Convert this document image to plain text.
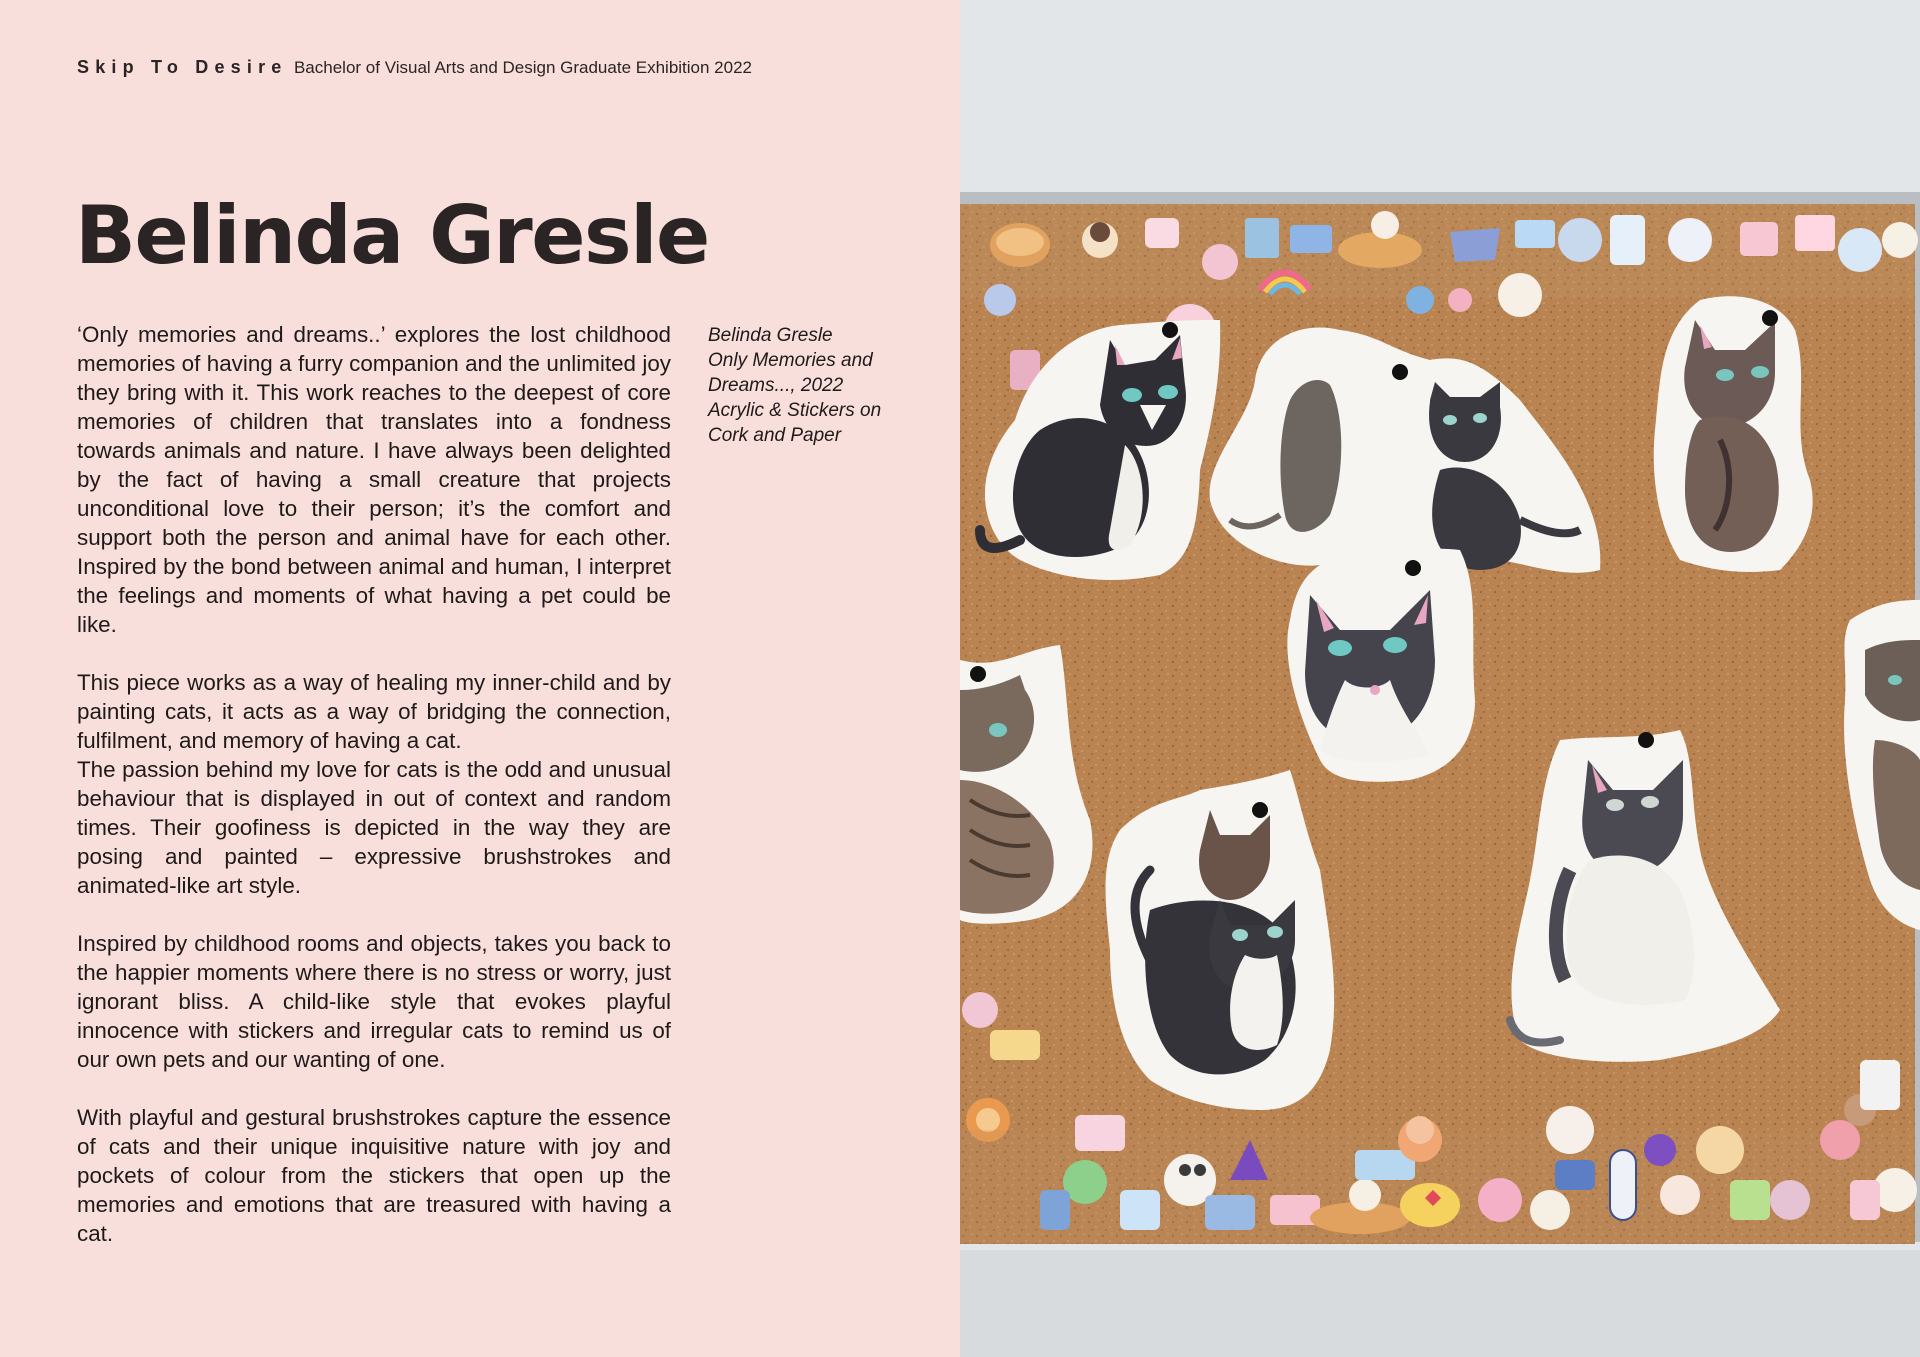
Skip To Desire Bachelor of Visual Arts and Design Graduate Exhibition 2022
Belinda Gresle

‘Only memories and dreams..’ explores the lost childhood memories of having a furry companion and the unlimited joy they bring with it. This work reaches to the deepest of core memories of children that translates into a fondness towards animals and nature. I have always been delighted by the fact of having a small creature that projects unconditional love to their person; it’s the comfort and support both the person and animal have for each other. Inspired by the bond between animal and human, I interpret the feelings and moments of what having a pet could be like.

This piece works as a way of healing my inner-child and by painting cats, it acts as a way of bridging the connection, fulfilment, and memory of having a cat.

The passion behind my love for cats is the odd and unusual behaviour that is displayed in out of context and random times. Their goofiness is depicted in the way they are posing and painted – expressive brushstrokes and animated-like art style.

Inspired by childhood rooms and objects, takes you back to the happier moments where there is no stress or worry, just ignorant bliss. A child-like style that evokes playful innocence with stickers and irregular cats to remind us of our own pets and our wanting of one.

With playful and gestural brushstrokes capture the essence of cats and their unique inquisitive nature with joy and pockets of colour from the stickers that open up the memories and emotions that are treasured with having a cat.

Belinda Gresle
Only Memories and
Dreams..., 2022
Acrylic & Stickers on
Cork and Paper
